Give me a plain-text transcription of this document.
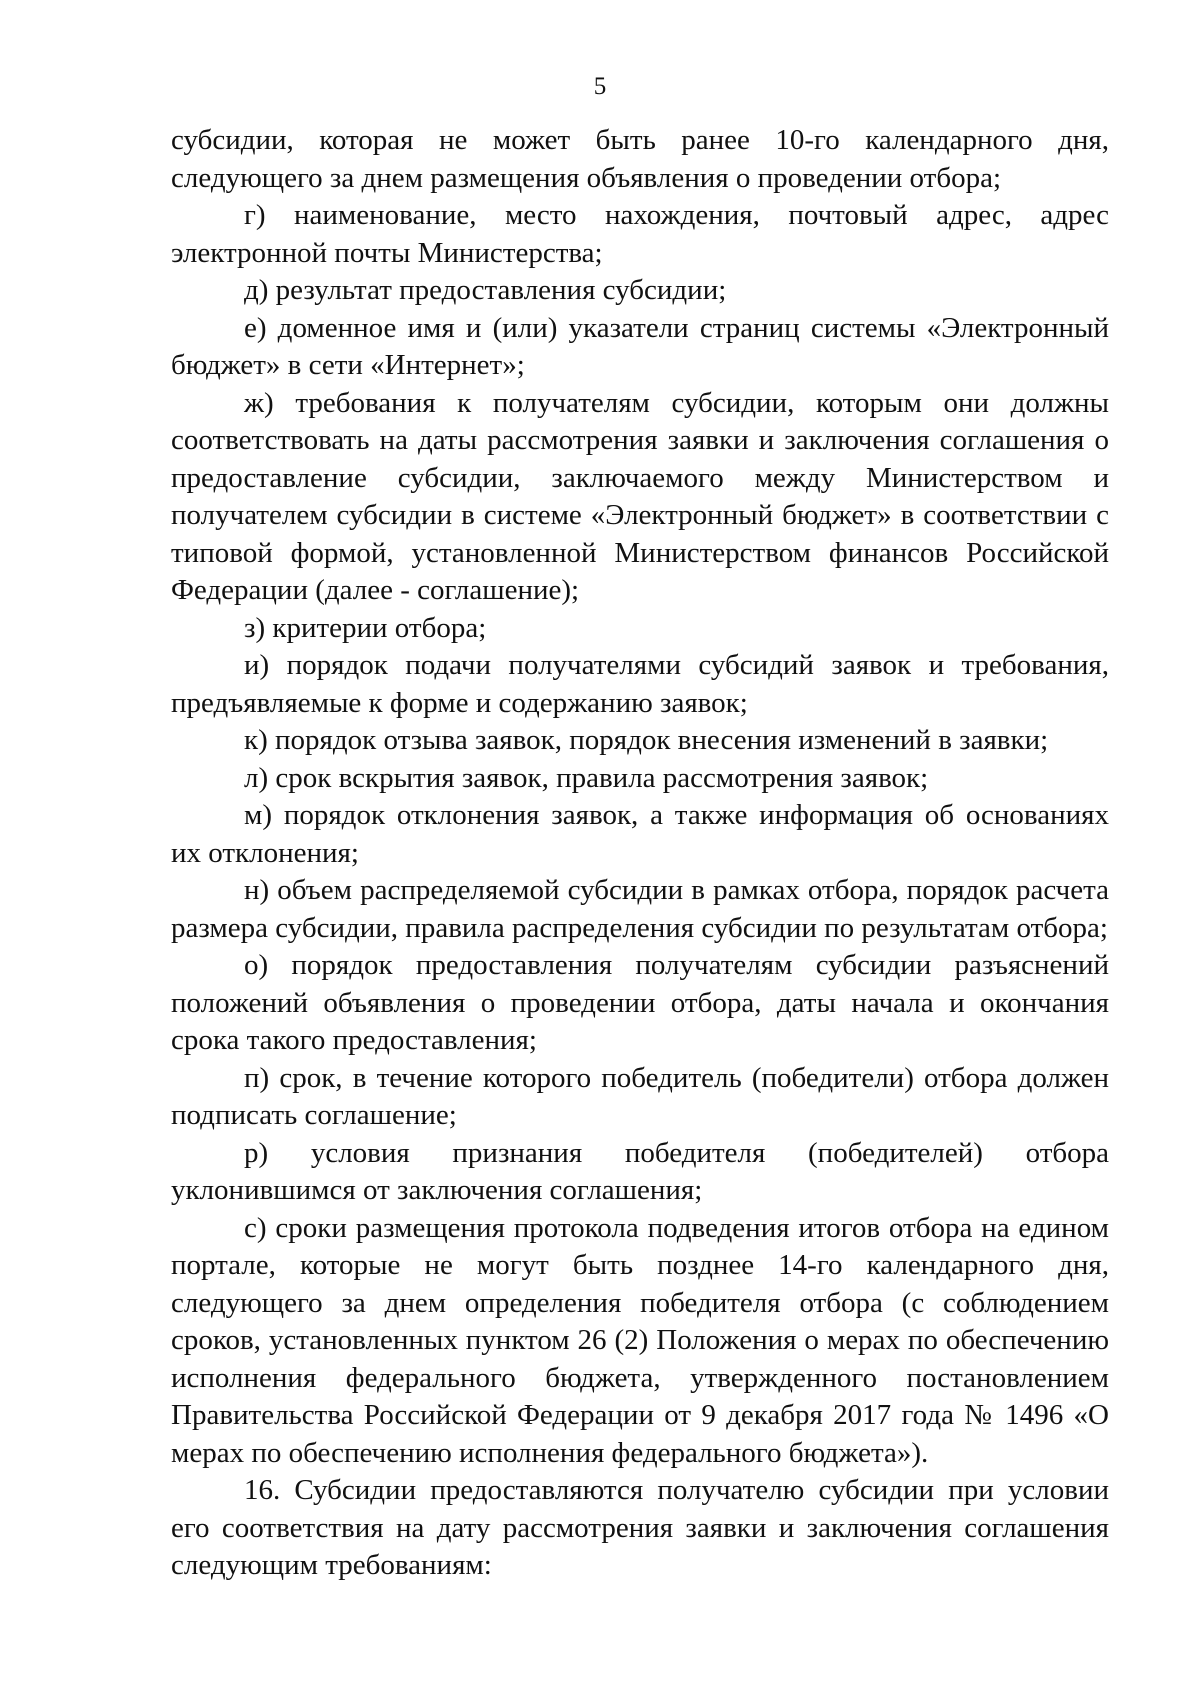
5

субсидии, которая не может быть ранее 10-го календарного дня, следующего за днем размещения объявления о проведении отбора;

г) наименование, место нахождения, почтовый адрес, адрес электронной почты Министерства;

д) результат предоставления субсидии;

е) доменное имя и (или) указатели страниц системы «Электронный бюджет» в сети «Интернет»;

ж) требования к получателям субсидии, которым они должны соответствовать на даты рассмотрения заявки и заключения соглашения о предоставление субсидии, заключаемого между Министерством и получателем субсидии в системе «Электронный бюджет» в соответствии с типовой формой, установленной Министерством финансов Российской Федерации (далее - соглашение);

з) критерии отбора;

и) порядок подачи получателями субсидий заявок и требования, предъявляемые к форме и содержанию заявок;

к) порядок отзыва заявок, порядок внесения изменений в заявки;

л) срок вскрытия заявок, правила рассмотрения заявок;

м) порядок отклонения заявок, а также информация об основаниях их отклонения;

н) объем распределяемой субсидии в рамках отбора, порядок расчета размера субсидии, правила распределения субсидии по результатам отбора;

о) порядок предоставления получателям субсидии разъяснений положений объявления о проведении отбора, даты начала и окончания срока такого предоставления;

п) срок, в течение которого победитель (победители) отбора должен подписать соглашение;

р) условия признания победителя (победителей) отбора уклонившимся от заключения соглашения;

с) сроки размещения протокола подведения итогов отбора на едином портале, которые не могут быть позднее 14-го календарного дня, следующего за днем определения победителя отбора (с соблюдением сроков, установленных пунктом 26 (2) Положения о мерах по обеспечению исполнения федерального бюджета, утвержденного постановлением Правительства Российской Федерации от 9 декабря 2017 года № 1496 «О мерах по обеспечению исполнения федерального бюджета»).

16. Субсидии предоставляются получателю субсидии при условии его соответствия на дату рассмотрения заявки и заключения соглашения следующим требованиям:
